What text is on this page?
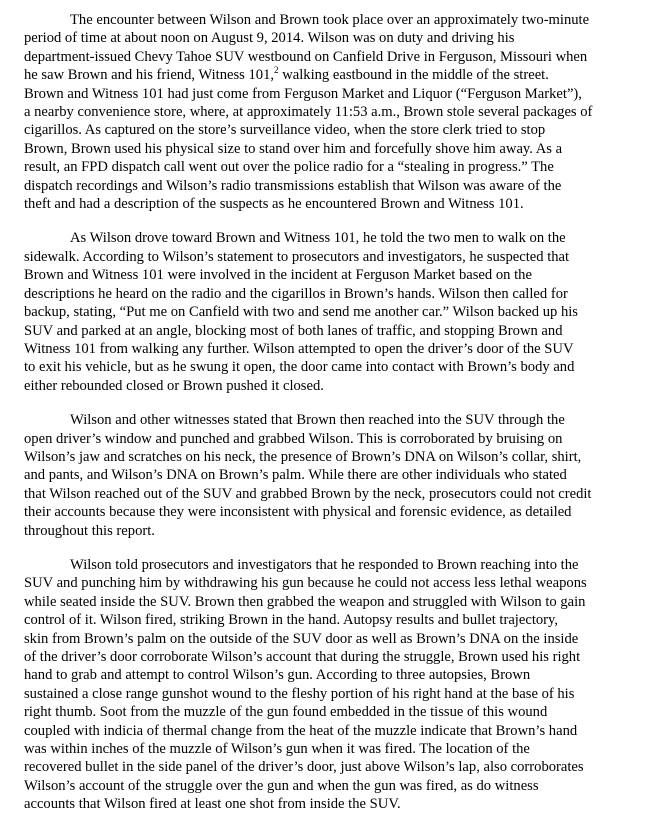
The encounter between Wilson and Brown took place over an approximately two-minute
period of time at about noon on August 9, 2014. Wilson was on duty and driving his
department-issued Chevy Tahoe SUV westbound on Canfield Drive in Ferguson, Missouri when
he saw Brown and his friend, Witness 101,$^2$ walking eastbound in the middle of the street.
Brown and Witness 101 had just come from Ferguson Market and Liquor (“Ferguson Market”),
a nearby convenience store, where, at approximately 11:53 a.m., Brown stole several packages of
cigarillos. As captured on the store’s surveillance video, when the store clerk tried to stop
Brown, Brown used his physical size to stand over him and forcefully shove him away. As a
result, an FPD dispatch call went out over the police radio for a “stealing in progress.” The
dispatch recordings and Wilson’s radio transmissions establish that Wilson was aware of the
theft and had a description of the suspects as he encountered Brown and Witness 101.
As Wilson drove toward Brown and Witness 101, he told the two men to walk on the
sidewalk. According to Wilson’s statement to prosecutors and investigators, he suspected that
Brown and Witness 101 were involved in the incident at Ferguson Market based on the
descriptions he heard on the radio and the cigarillos in Brown’s hands. Wilson then called for
backup, stating, “Put me on Canfield with two and send me another car.” Wilson backed up his
SUV and parked at an angle, blocking most of both lanes of traffic, and stopping Brown and
Witness 101 from walking any further. Wilson attempted to open the driver’s door of the SUV
to exit his vehicle, but as he swung it open, the door came into contact with Brown’s body and
either rebounded closed or Brown pushed it closed.
Wilson and other witnesses stated that Brown then reached into the SUV through the
open driver’s window and punched and grabbed Wilson. This is corroborated by bruising on
Wilson’s jaw and scratches on his neck, the presence of Brown’s DNA on Wilson’s collar, shirt,
and pants, and Wilson’s DNA on Brown’s palm. While there are other individuals who stated
that Wilson reached out of the SUV and grabbed Brown by the neck, prosecutors could not credit
their accounts because they were inconsistent with physical and forensic evidence, as detailed
throughout this report.
Wilson told prosecutors and investigators that he responded to Brown reaching into the
SUV and punching him by withdrawing his gun because he could not access less lethal weapons
while seated inside the SUV. Brown then grabbed the weapon and struggled with Wilson to gain
control of it. Wilson fired, striking Brown in the hand. Autopsy results and bullet trajectory,
skin from Brown’s palm on the outside of the SUV door as well as Brown’s DNA on the inside
of the driver’s door corroborate Wilson’s account that during the struggle, Brown used his right
hand to grab and attempt to control Wilson’s gun. According to three autopsies, Brown
sustained a close range gunshot wound to the fleshy portion of his right hand at the base of his
right thumb. Soot from the muzzle of the gun found embedded in the tissue of this wound
coupled with indicia of thermal change from the heat of the muzzle indicate that Brown’s hand
was within inches of the muzzle of Wilson’s gun when it was fired. The location of the
recovered bullet in the side panel of the driver’s door, just above Wilson’s lap, also corroborates
Wilson’s account of the struggle over the gun and when the gun was fired, as do witness
accounts that Wilson fired at least one shot from inside the SUV.
